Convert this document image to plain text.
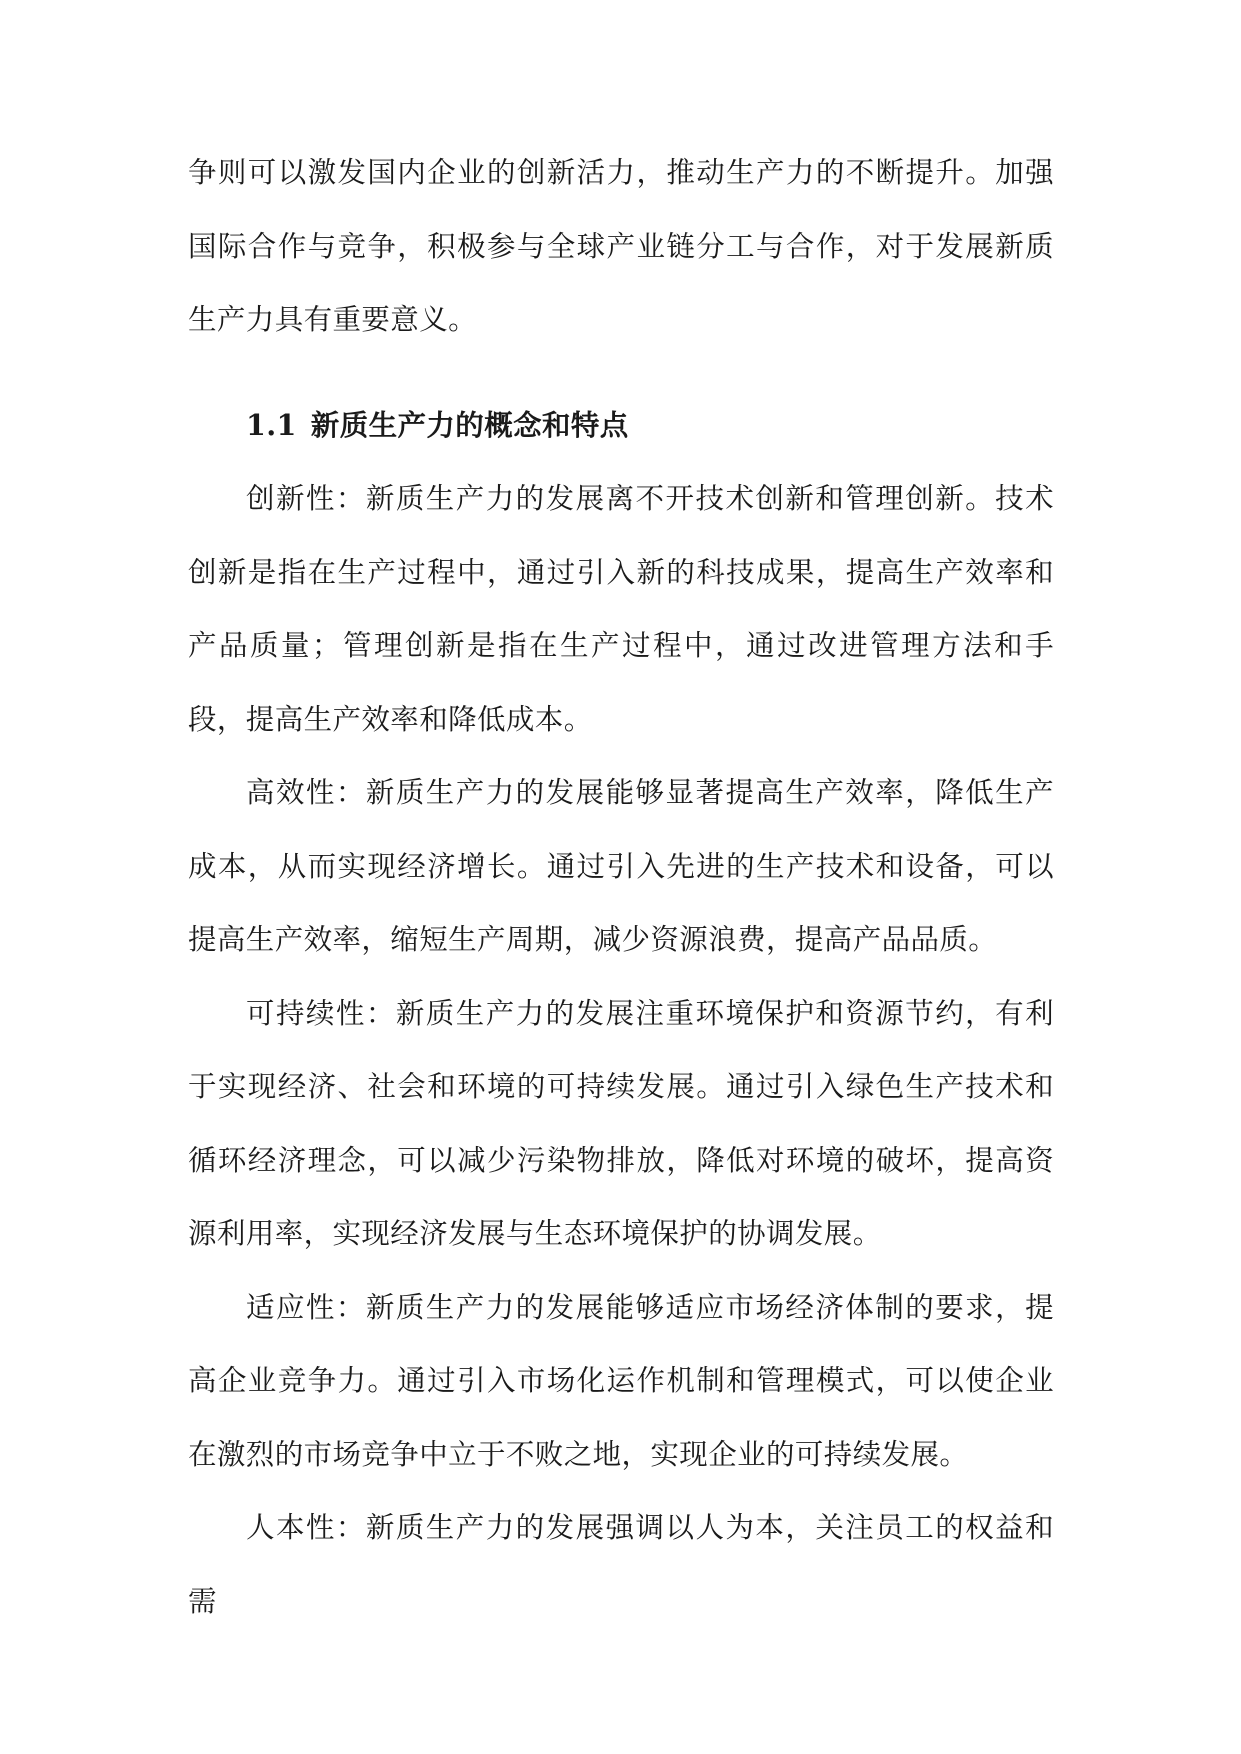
争则可以激发国内企业的创新活力，推动生产力的不断提升。加强国际合作与竞争，积极参与全球产业链分工与合作，对于发展新质生产力具有重要意义。

1.1 新质生产力的概念和特点

创新性：新质生产力的发展离不开技术创新和管理创新。技术创新是指在生产过程中，通过引入新的科技成果，提高生产效率和产品质量；管理创新是指在生产过程中，通过改进管理方法和手段，提高生产效率和降低成本。

高效性：新质生产力的发展能够显著提高生产效率，降低生产成本，从而实现经济增长。通过引入先进的生产技术和设备，可以提高生产效率，缩短生产周期，减少资源浪费，提高产品品质。

可持续性：新质生产力的发展注重环境保护和资源节约，有利于实现经济、社会和环境的可持续发展。通过引入绿色生产技术和循环经济理念，可以减少污染物排放，降低对环境的破坏，提高资源利用率，实现经济发展与生态环境保护的协调发展。

适应性：新质生产力的发展能够适应市场经济体制的要求，提高企业竞争力。通过引入市场化运作机制和管理模式，可以使企业在激烈的市场竞争中立于不败之地，实现企业的可持续发展。

人本性：新质生产力的发展强调以人为本，关注员工的权益和需
